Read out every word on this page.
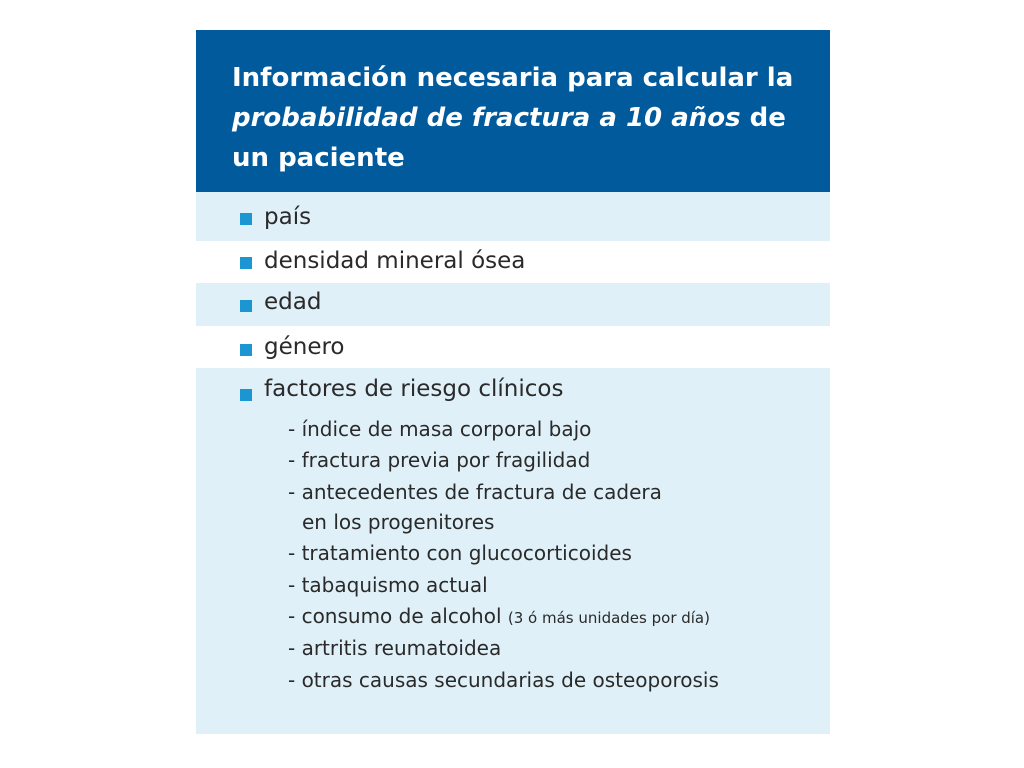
Información necesaria para calcular la
probabilidad de fractura a 10 años de
un paciente
país
densidad mineral ósea
edad
género
factores de riesgo clínicos
- índice de masa corporal bajo
- fractura previa por fragilidad
- antecedentes de fractura de cadera
en los progenitores
- tratamiento con glucocorticoides
- tabaquismo actual
- consumo de alcohol (3 ó más unidades por día)
- artritis reumatoidea
- otras causas secundarias de osteoporosis
